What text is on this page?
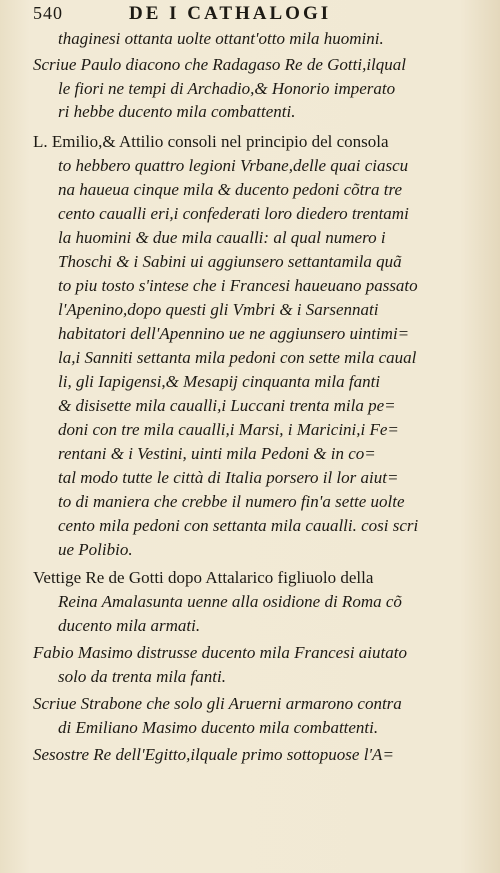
540	DE I CATHALOGI
thaginesi ottanta uolte ottant'otto mila huomini.
Scriue Paulo diacono che Radagaso Re de Gotti,ilqual
le fiori ne tempi di Archadio,& Honorio imperato
ri hebbe ducento mila combattenti.
L. Emilio,& Attilio consoli nel principio del consola
to hebbero quattro legioni Vrbane,delle quai ciascu
na haueua cinque mila & ducento pedoni cõtra tre
cento caualli eri,i confederati loro diedero trentami
la huomini & due mila caualli: al qual numero i
Thoschi & i Sabini ui aggiunsero settantamila quã
to piu tosto s'intese che i Francesi haueuano passato
l'Apenino,dopo questi gli Vmbri & i Sarsennati
habitatori dell'Apennino ue ne aggiunsero uintimi=
la,i Sanniti settanta mila pedoni con sette mila caual
li, gli Iapigensi,& Mesapij cinquanta mila fanti
& disisette mila caualli,i Luccani trenta mila pe=
doni con tre mila caualli,i Marsi, i Maricini,i Fe=
rentani & i Vestini, uinti mila Pedoni & in co=
tal modo tutte le città di Italia porsero il lor aiut=
to di maniera che crebbe il numero fin'a sette uolte
cento mila pedoni con settanta mila caualli. cosi scri
ue Polibio.
Vettige Re de Gotti dopo Attalarico figliuolo della
Reina Amalasunta uenne alla osidione di Roma cõ
ducento mila armati.
Fabio Masimo distrusse ducento mila Francesi aiutato
solo da trenta mila fanti.
Scriue Strabone che solo gli Aruerni armarono contra
di Emiliano Masimo ducento mila combattenti.
Sesostre Re dell'Egitto,ilquale primo sottopuose l'A=
